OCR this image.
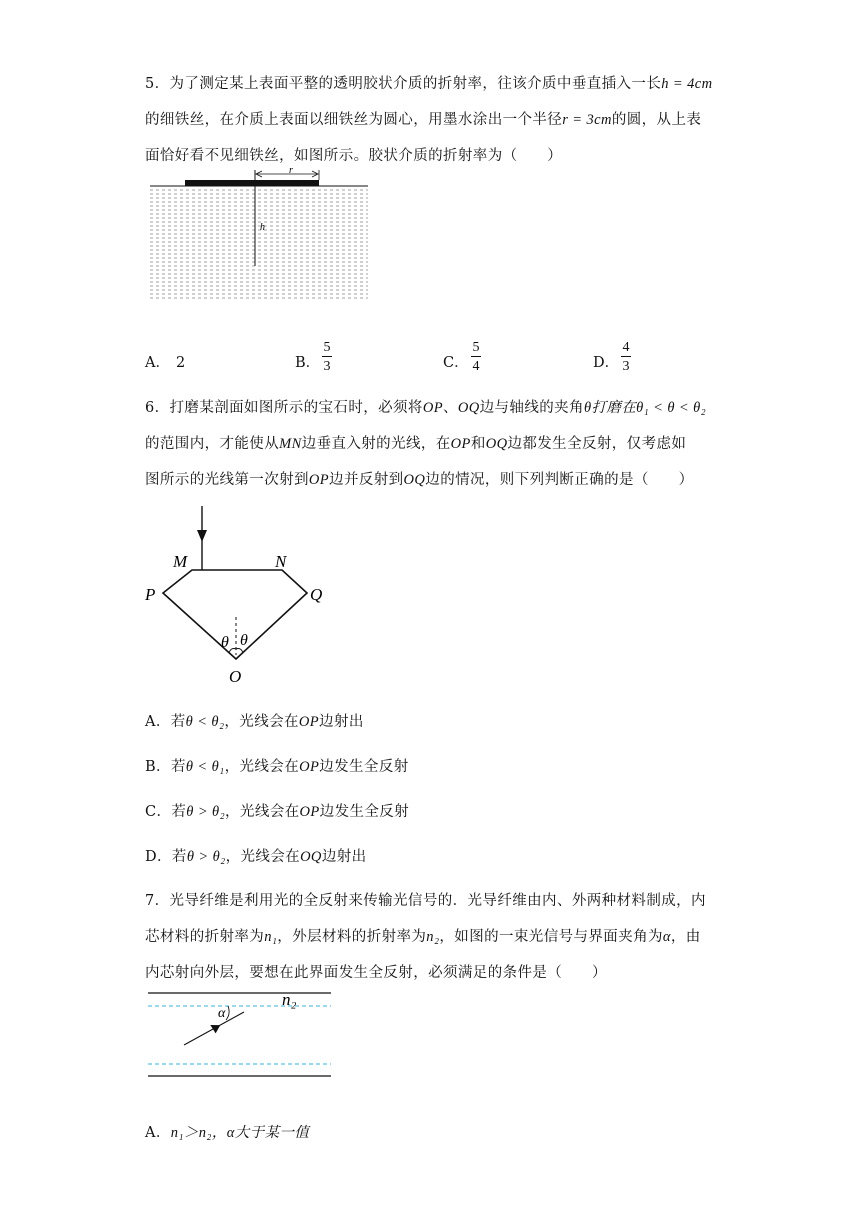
5．为了测定某上表面平整的透明胶状介质的折射率，往该介质中垂直插入一长h = 4cm
的细铁丝，在介质上表面以细铁丝为圆心，用墨水涂出一个半径r = 3cm的圆，从上表
面恰好看不见细铁丝，如图所示。胶状介质的折射率为（　　）
r
h
M	N
P	Q
O
θ θ
α
n₂
A． 2	B．
5
3	C．
5
4	D．
4
3
6．打磨某剖面如图所示的宝石时，必须将OP、OQ边与轴线的夹角θ打磨在θ₁ < θ < θ₂
的范围内，才能使从MN边垂直入射的光线，在OP和OQ边都发生全反射，仅考虑如
图所示的光线第一次射到OP边并反射到OQ边的情况，则下列判断正确的是（　　）
A．若θ < θ₂，光线会在OP边射出
B．若θ < θ₁，光线会在OP边发生全反射
C．若θ > θ₂，光线会在OP边发生全反射
D．若θ > θ₂，光线会在OQ边射出
7．光导纤维是利用光的全反射来传输光信号的．光导纤维由内、外两种材料制成，内
芯材料的折射率为n₁，外层材料的折射率为n₂，如图的一束光信号与界面夹角为α，由
内芯射向外层，要想在此界面发生全反射，必须满足的条件是（　　）
A．n₁＞n₂，α大于某一值
